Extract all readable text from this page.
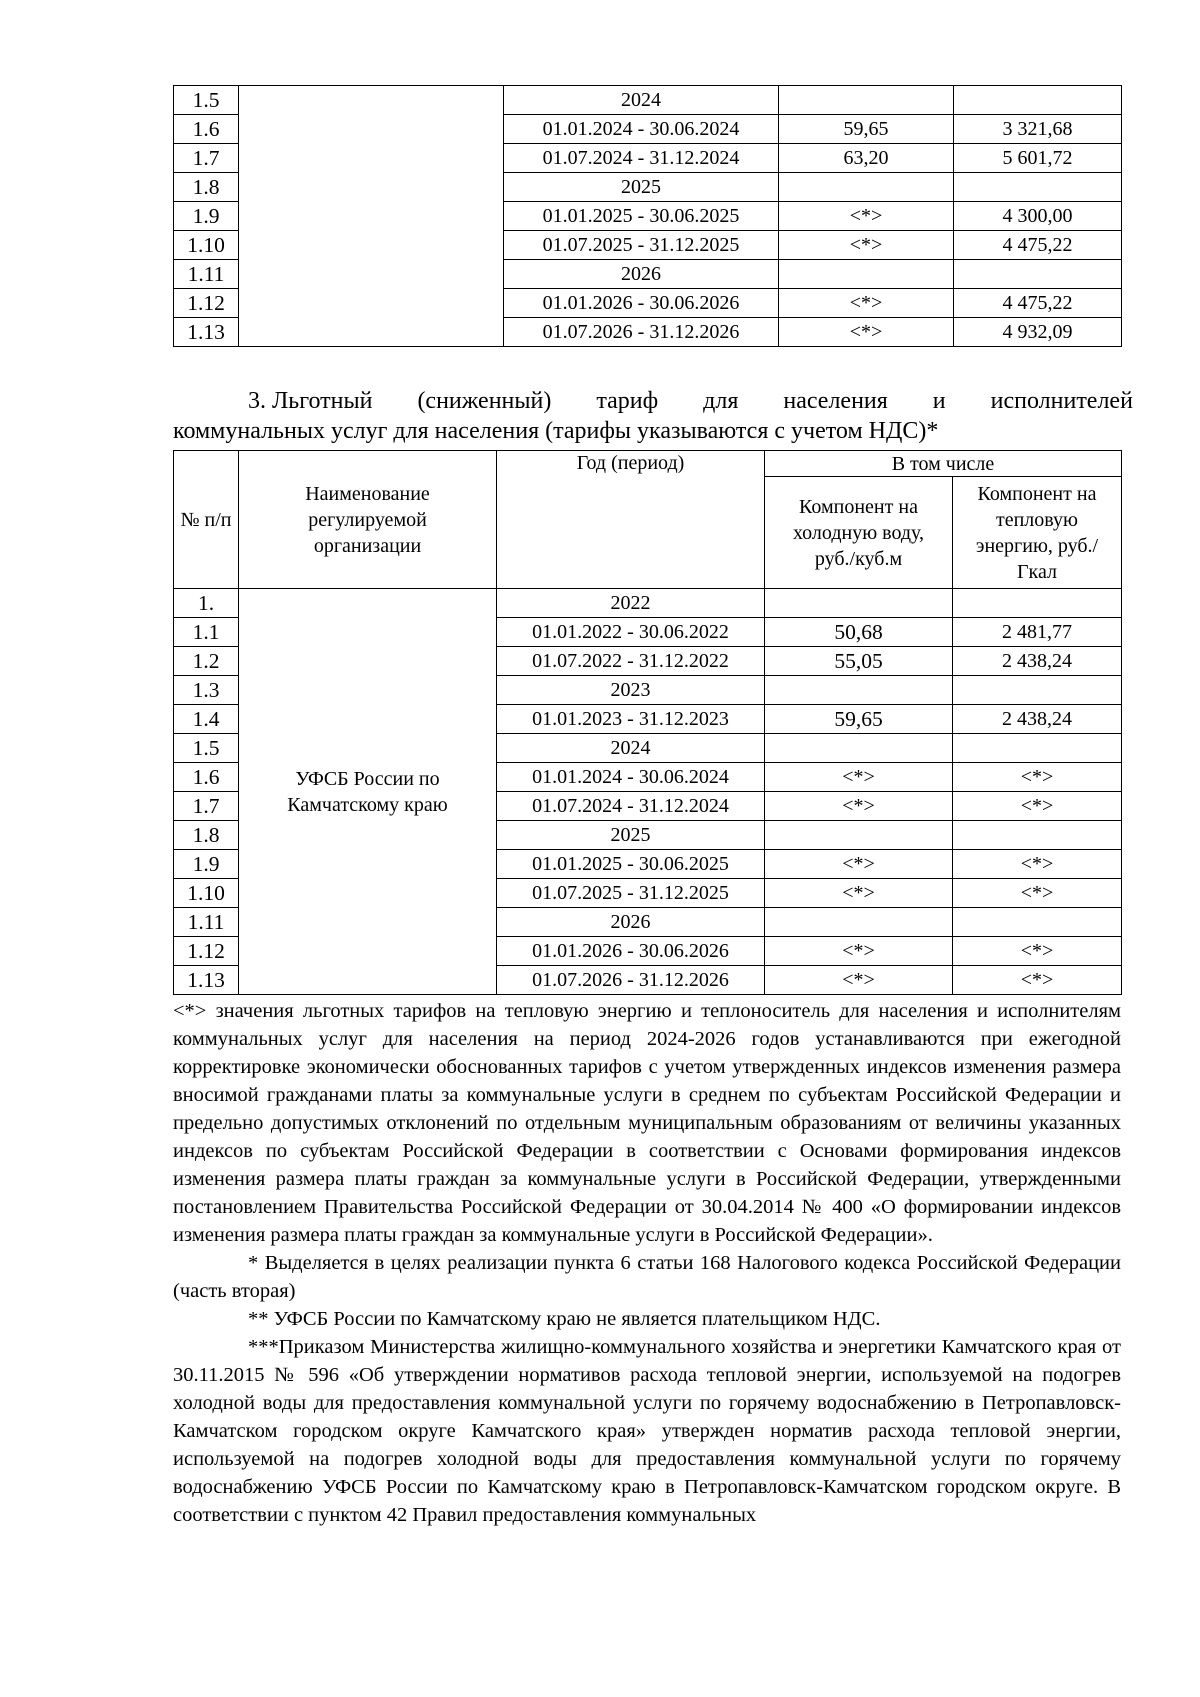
1.5		2024		
1.6		01.01.2024 - 30.06.2024	59,65	3 321,68
1.7		01.07.2024 - 31.12.2024	63,20	5 601,72
1.8		2025		
1.9		01.01.2025 - 30.06.2025	<*>	4 300,00
1.10		01.07.2025 - 31.12.2025	<*>	4 475,22
1.11		2026		
1.12		01.01.2026 - 30.06.2026	<*>	4 475,22
1.13		01.07.2026 - 31.12.2026	<*>	4 932,09
3. Льготный (сниженный) тариф для населения и исполнителей
коммунальных услуг для населения (тарифы указываются с учетом НДС)*
№ п/п	Наименование регулируемой организации	Год (период)	В том числе	
			Компонент на холодную воду, руб./куб.м	Компонент на тепловую энергию, руб./Гкал
1.	УФСБ России по Камчатскому краю	2022		
1.1		01.01.2022 - 30.06.2022	50,68	2 481,77
1.2		01.07.2022 - 31.12.2022	55,05	2 438,24
1.3		2023		
1.4		01.01.2023 - 31.12.2023	59,65	2 438,24
1.5		2024		
1.6		01.01.2024 - 30.06.2024	<*>	<*>
1.7		01.07.2024 - 31.12.2024	<*>	<*>
1.8		2025		
1.9		01.01.2025 - 30.06.2025	<*>	<*>
1.10		01.07.2025 - 31.12.2025	<*>	<*>
1.11		2026		
1.12		01.01.2026 - 30.06.2026	<*>	<*>
1.13		01.07.2026 - 31.12.2026	<*>	<*>

<*> значения льготных тарифов на тепловую энергию и теплоноситель для населения и исполнителям коммунальных услуг для населения на период 2024-2026 годов устанавливаются при ежегодной корректировке экономически обоснованных тарифов с учетом утвержденных индексов изменения размера вносимой гражданами платы за коммунальные услуги в среднем по субъектам Российской Федерации и предельно допустимых отклонений по отдельным муниципальным образованиям от величины указанных индексов по субъектам Российской Федерации в соответствии с Основами формирования индексов изменения размера платы граждан за коммунальные услуги в Российской Федерации, утвержденными постановлением Правительства Российской Федерации от 30.04.2014 № 400 «О формировании индексов изменения размера платы граждан за коммунальные услуги в Российской Федерации».

* Выделяется в целях реализации пункта 6 статьи 168 Налогового кодекса Российской Федерации (часть вторая)

** УФСБ России по Камчатскому краю не является плательщиком НДС.

***Приказом Министерства жилищно-коммунального хозяйства и энергетики Камчатского края от 30.11.2015 № 596 «Об утверждении нормативов расхода тепловой энергии, используемой на подогрев холодной воды для предоставления коммунальной услуги по горячему водоснабжению в Петропавловск-Камчатском городском округе Камчатского края» утвержден норматив расхода тепловой энергии, используемой на подогрев холодной воды для предоставления коммунальной услуги по горячему водоснабжению УФСБ России по Камчатскому краю в Петропавловск-Камчатском городском округе. В соответствии с пунктом 42 Правил предоставления коммунальных
